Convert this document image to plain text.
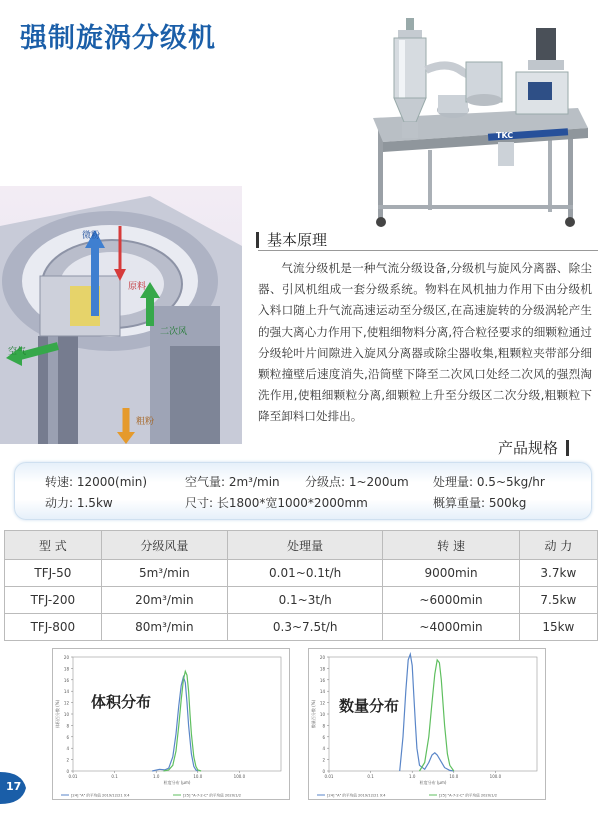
强制旋涡分级机
TKC
微粉
原料
空气
二次风
粗粉
基本原理
气流分级机是一种气流分级设备,分级机与旋风分离器、除尘器、引风机组成一套分级系统。物料在风机抽力作用下由分级机入料口随上升气流高速运动至分级区,在高速旋转的分级涡轮产生的强大离心力作用下,使粗细物料分离,符合粒径要求的细颗粒通过分级轮叶片间隙进入旋风分离器或除尘器收集,粗颗粒夹带部分细颗粒撞壁后速度消失,沿筒壁下降至二次风口处经二次风的强烈淘洗作用,使粗细颗粒分离,细颗粒上升至分级区二次分级,粗颗粒下降至卸料口处排出。
产品规格
转速: 12000(min)	空气量: 2m³/min 分级点: 1~200um 处理量: 0.5~5kg/hr
动力: 1.5kw	尺寸: 长1800*宽1000*2000mm	概算重量: 500kg
型 式	分级风量	处理量	转 速	动 力
TFJ-50	5m³/min	0.01~0.1t/h	9000min	3.7kw
TFJ-200	20m³/min	0.1~3t/h	~6000min	7.5kw
TFJ-800	80m³/min	0.3~7.5t/h	~4000min	15kw
0
2
4
6
8
10
12
14
16
18
20
0.01	0.1	1.0	10.0	100.0
粒度分布 (μm)
体积百分数 (%)
[24] "A" 的平均值 2019/12/21 9:4	[25] "A-7-2-C" 的平均值 2020/1/2
体积分布
0
2
4
6
8
10
12
14
16
18
20
0.01	0.1	1.0	10.0	100.0
粒度分布 (μm)
数量百分数 (%)
[24] "A" 的平均值 2019/12/21 9:4	[25] "A-7-2-C" 的平均值 2020/1/2
数量分布
17
